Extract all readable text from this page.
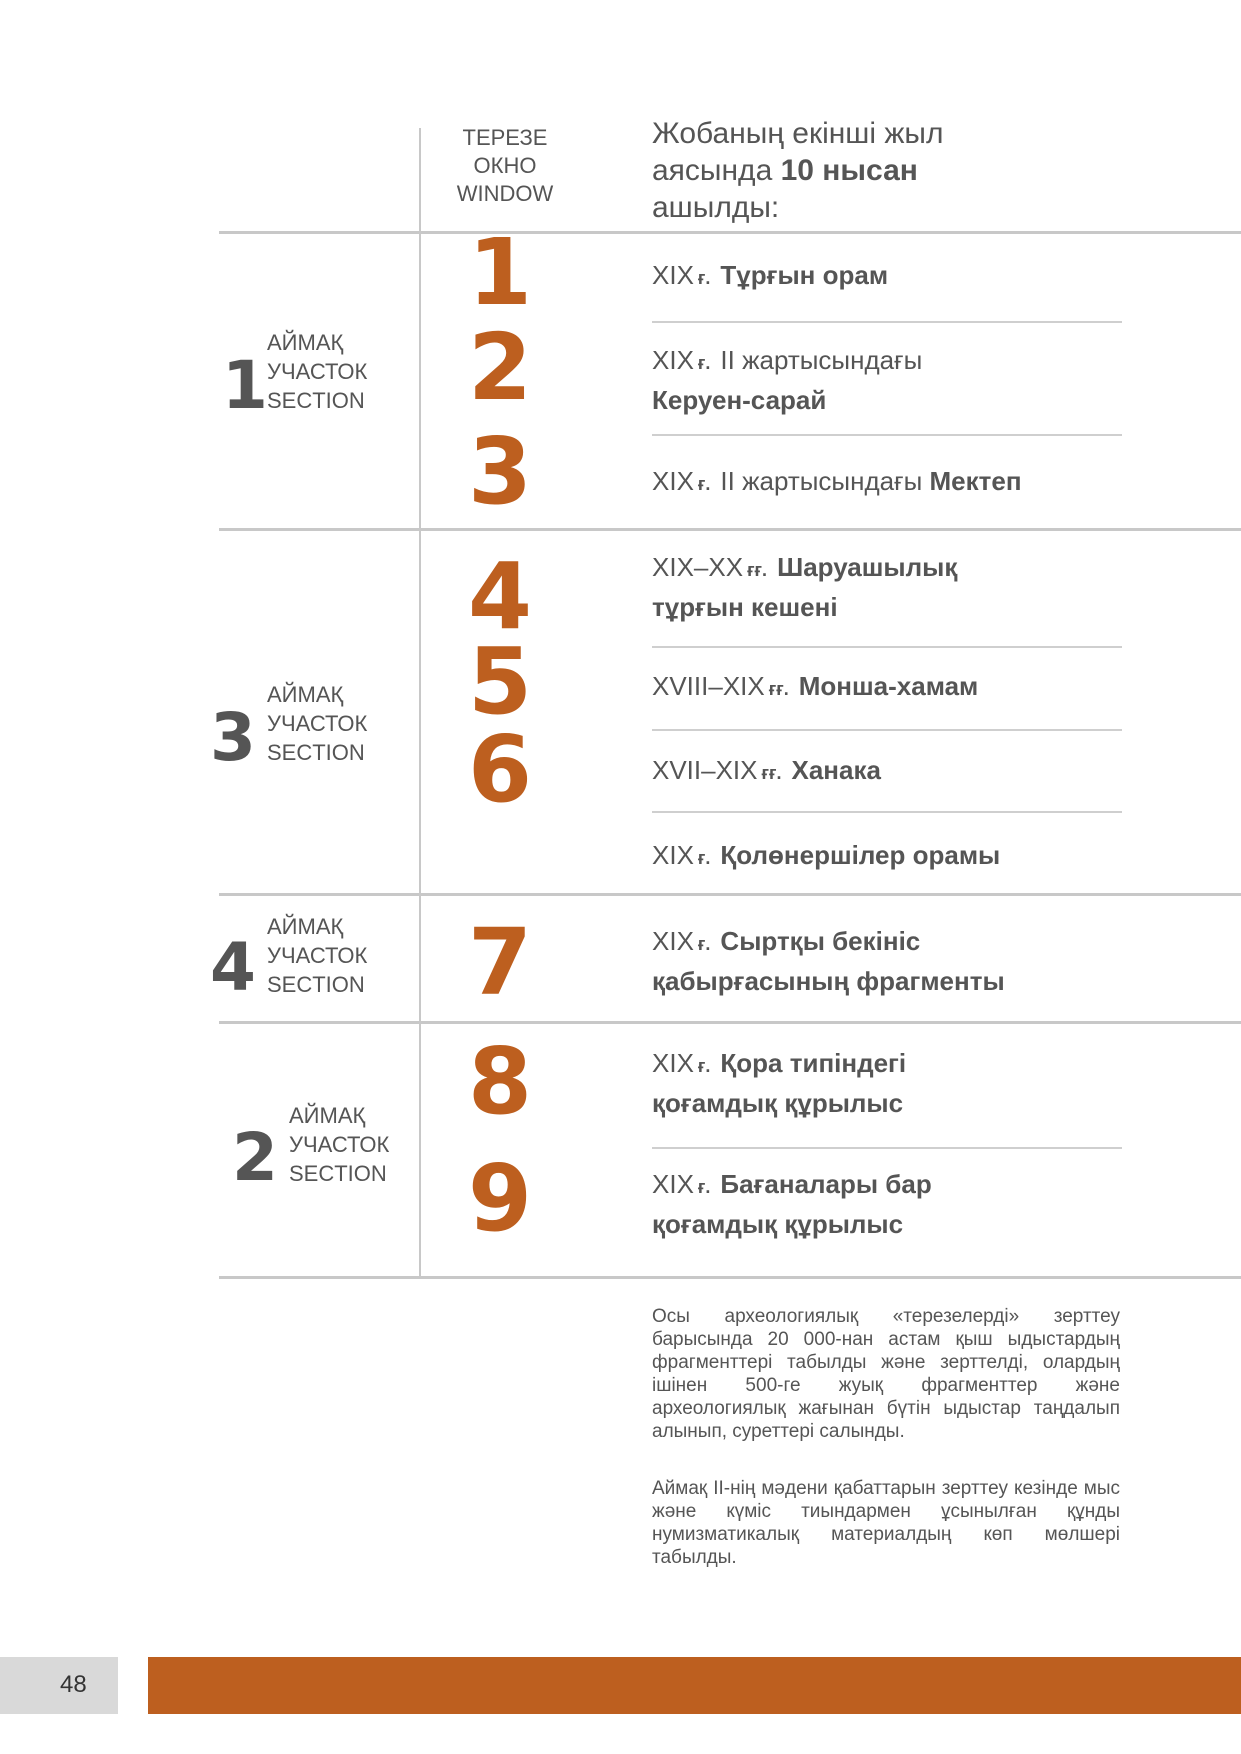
ТЕРЕЗЕ
ОКНО
WINDOW
Жобаның екінші жыл
аясында 10 нысан
ашылды:
1
АЙМАҚ
УЧАСТОК
SECTION
3
АЙМАҚ
УЧАСТОК
SECTION
4
АЙМАҚ
УЧАСТОК
SECTION
2
АЙМАҚ
УЧАСТОК
SECTION
1
2
3
4
5
6
7
8
9
XIX ғ. Тұрғын орам
XIX ғ. II жартысындағы
Керуен-сарай
XIX ғ. II жартысындағы Мектеп
XIX–XX ғғ. Шаруашылық
тұрғын кешені
XVIII–XIX ғғ. Монша-хамам
XVII–XIX ғғ. Ханака
XIX ғ. Қолөнершілер орамы
XIX ғ. Сыртқы бекініс
қабырғасының фрагменты
XIX ғ. Қора типіндегі
қоғамдық құрылыс
XIX ғ. Бағаналары бар
қоғамдық құрылыс
Осы археологиялық «терезелерді» зерттеу барысында 20 000-нан астам қыш ыдыстардың фрагменттері табылды және зерттелді, олардың ішінен 500-ге жуық фрагменттер және археологиялық жағынан бүтін ыдыстар таңдалып алынып, суреттері салынды.
Аймақ II-нің мәдени қабаттарын зерттеу кезінде мыс және күміс тиындармен ұсынылған құнды нумизматикалық материалдың көп мөлшері табылды.
48
